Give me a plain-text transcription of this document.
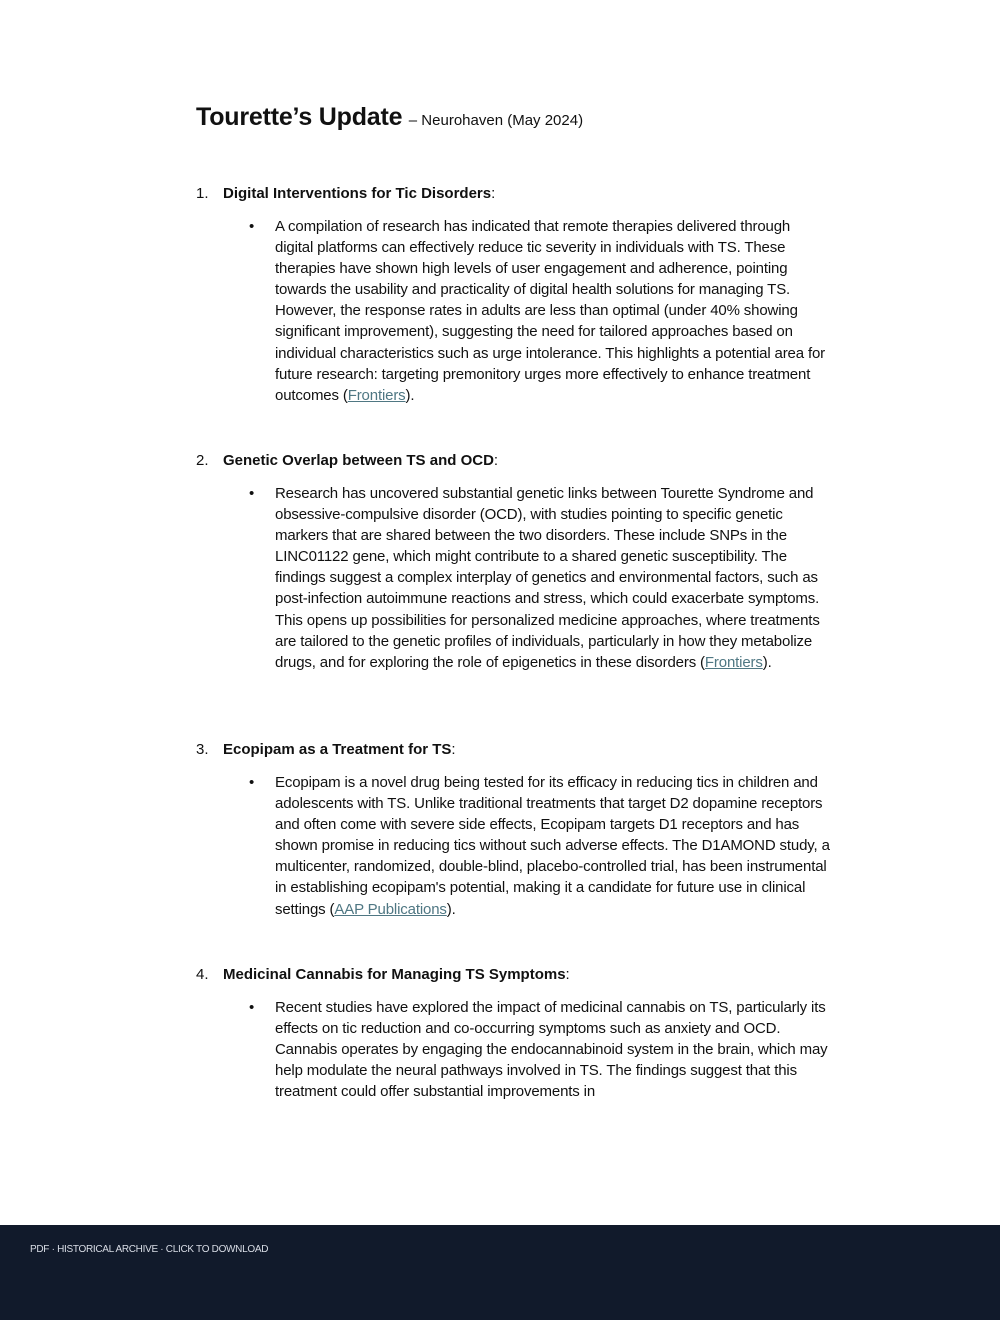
Tourette’s Update – Neurohaven (May 2024)
1. Digital Interventions for Tic Disorders:
• A compilation of research has indicated that remote therapies delivered through digital platforms can effectively reduce tic severity in individuals with TS. These therapies have shown high levels of user engagement and adherence, pointing towards the usability and practicality of digital health solutions for managing TS. However, the response rates in adults are less than optimal (under 40% showing significant improvement), suggesting the need for tailored approaches based on individual characteristics such as urge intolerance. This highlights a potential area for future research: targeting premonitory urges more effectively to enhance treatment outcomes (Frontiers).
2. Genetic Overlap between TS and OCD:
• Research has uncovered substantial genetic links between Tourette Syndrome and obsessive-compulsive disorder (OCD), with studies pointing to specific genetic markers that are shared between the two disorders. These include SNPs in the LINC01122 gene, which might contribute to a shared genetic susceptibility. The findings suggest a complex interplay of genetics and environmental factors, such as post-infection autoimmune reactions and stress, which could exacerbate symptoms. This opens up possibilities for personalized medicine approaches, where treatments are tailored to the genetic profiles of individuals, particularly in how they metabolize drugs, and for exploring the role of epigenetics in these disorders (Frontiers).
3. Ecopipam as a Treatment for TS:
• Ecopipam is a novel drug being tested for its efficacy in reducing tics in children and adolescents with TS. Unlike traditional treatments that target D2 dopamine receptors and often come with severe side effects, Ecopipam targets D1 receptors and has shown promise in reducing tics without such adverse effects. The D1AMOND study, a multicenter, randomized, double-blind, placebo-controlled trial, has been instrumental in establishing ecopipam's potential, making it a candidate for future use in clinical settings (AAP Publications).
4. Medicinal Cannabis for Managing TS Symptoms:
• Recent studies have explored the impact of medicinal cannabis on TS, particularly its effects on tic reduction and co-occurring symptoms such as anxiety and OCD. Cannabis operates by engaging the endocannabinoid system in the brain, which may help modulate the neural pathways involved in TS. The findings suggest that this treatment could offer substantial improvements in
PDF · HISTORICAL ARCHIVE · CLICK TO DOWNLOAD
